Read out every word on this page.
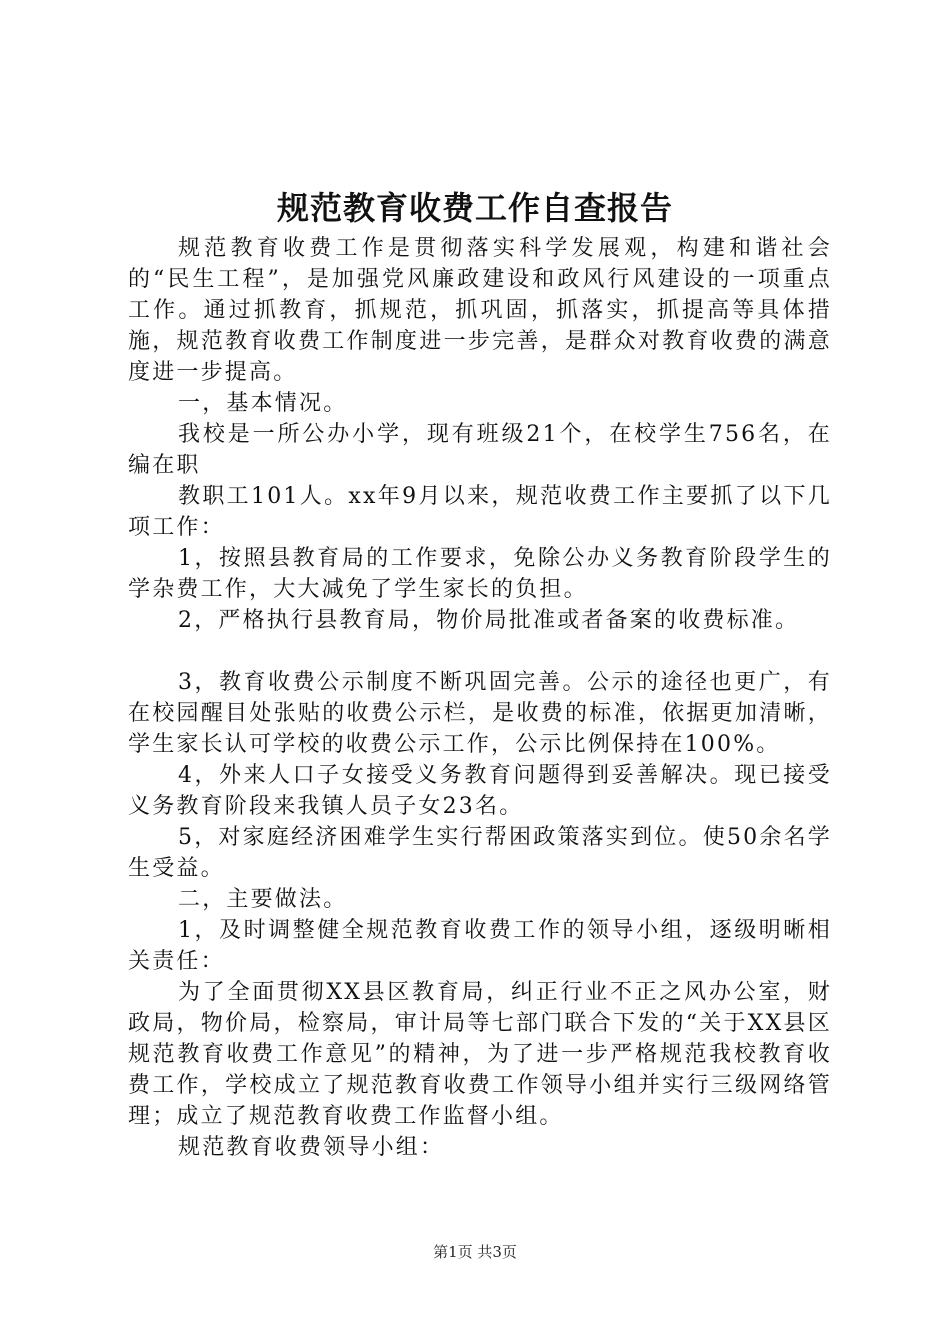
规范教育收费工作自查报告

规范教育收费工作是贯彻落实科学发展观，构建和谐社会的“民生工程”，是加强党风廉政建设和政风行风建设的一项重点工作。通过抓教育，抓规范，抓巩固，抓落实，抓提高等具体措施，规范教育收费工作制度进一步完善，是群众对教育收费的满意度进一步提高。

一，基本情况。

我校是一所公办小学，现有班级21个，在校学生756名，在编在职

教职工101人。xx年9月以来，规范收费工作主要抓了以下几项工作：

1，按照县教育局的工作要求，免除公办义务教育阶段学生的学杂费工作，大大减免了学生家长的负担。

2，严格执行县教育局，物价局批准或者备案的收费标准。

3，教育收费公示制度不断巩固完善。公示的途径也更广，有在校园醒目处张贴的收费公示栏，是收费的标准，依据更加清晰，学生家长认可学校的收费公示工作，公示比例保持在100%。

4，外来人口子女接受义务教育问题得到妥善解决。现已接受义务教育阶段来我镇人员子女23名。

5，对家庭经济困难学生实行帮困政策落实到位。使50余名学生受益。

二，主要做法。

1，及时调整健全规范教育收费工作的领导小组，逐级明晰相关责任：

为了全面贯彻XX县区教育局，纠正行业不正之风办公室，财政局，物价局，检察局，审计局等七部门联合下发的“关于XX县区规范教育收费工作意见”的精神，为了进一步严格规范我校教育收费工作，学校成立了规范教育收费工作领导小组并实行三级网络管理；成立了规范教育收费工作监督小组。

规范教育收费领导小组：

第1页 共3页
